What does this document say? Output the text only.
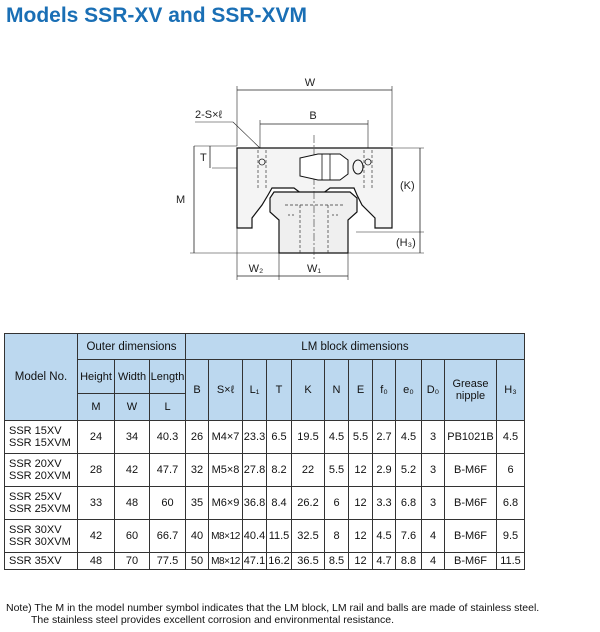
Models SSR-XV and SSR-XVM
W
B
2-S×ℓ
T
M
(K)
(H₃)
W₂	W₁
Model No.	Outer dimensions			LM block dimensions											
	Height	Width	Length	B	S×ℓ	L₁	T	K	N	E	f₀	e₀	D₀	Grease nipple	H₃
	M	W	L												
SSR 15XV
SSR 15XVM	24	34	40.3	26	M4×7	23.3	6.5	19.5	4.5	5.5	2.7	4.5	3	PB1021B	4.5
SSR 20XV
SSR 20XVM	28	42	47.7	32	M5×8	27.8	8.2	22	5.5	12	2.9	5.2	3	B-M6F	6
SSR 25XV
SSR 25XVM	33	48	60	35	M6×9	36.8	8.4	26.2	6	12	3.3	6.8	3	B-M6F	6.8
SSR 30XV
SSR 30XVM	42	60	66.7	40	M8×12	40.4	11.5	32.5	8	12	4.5	7.6	4	B-M6F	9.5
SSR 35XV	48	70	77.5	50	M8×12	47.1	16.2	36.5	8.5	12	4.7	8.8	4	B-M6F	11.5
Note) The M in the model number symbol indicates that the LM block, LM rail and balls are made of stainless steel.
The stainless steel provides excellent corrosion and environmental resistance.
